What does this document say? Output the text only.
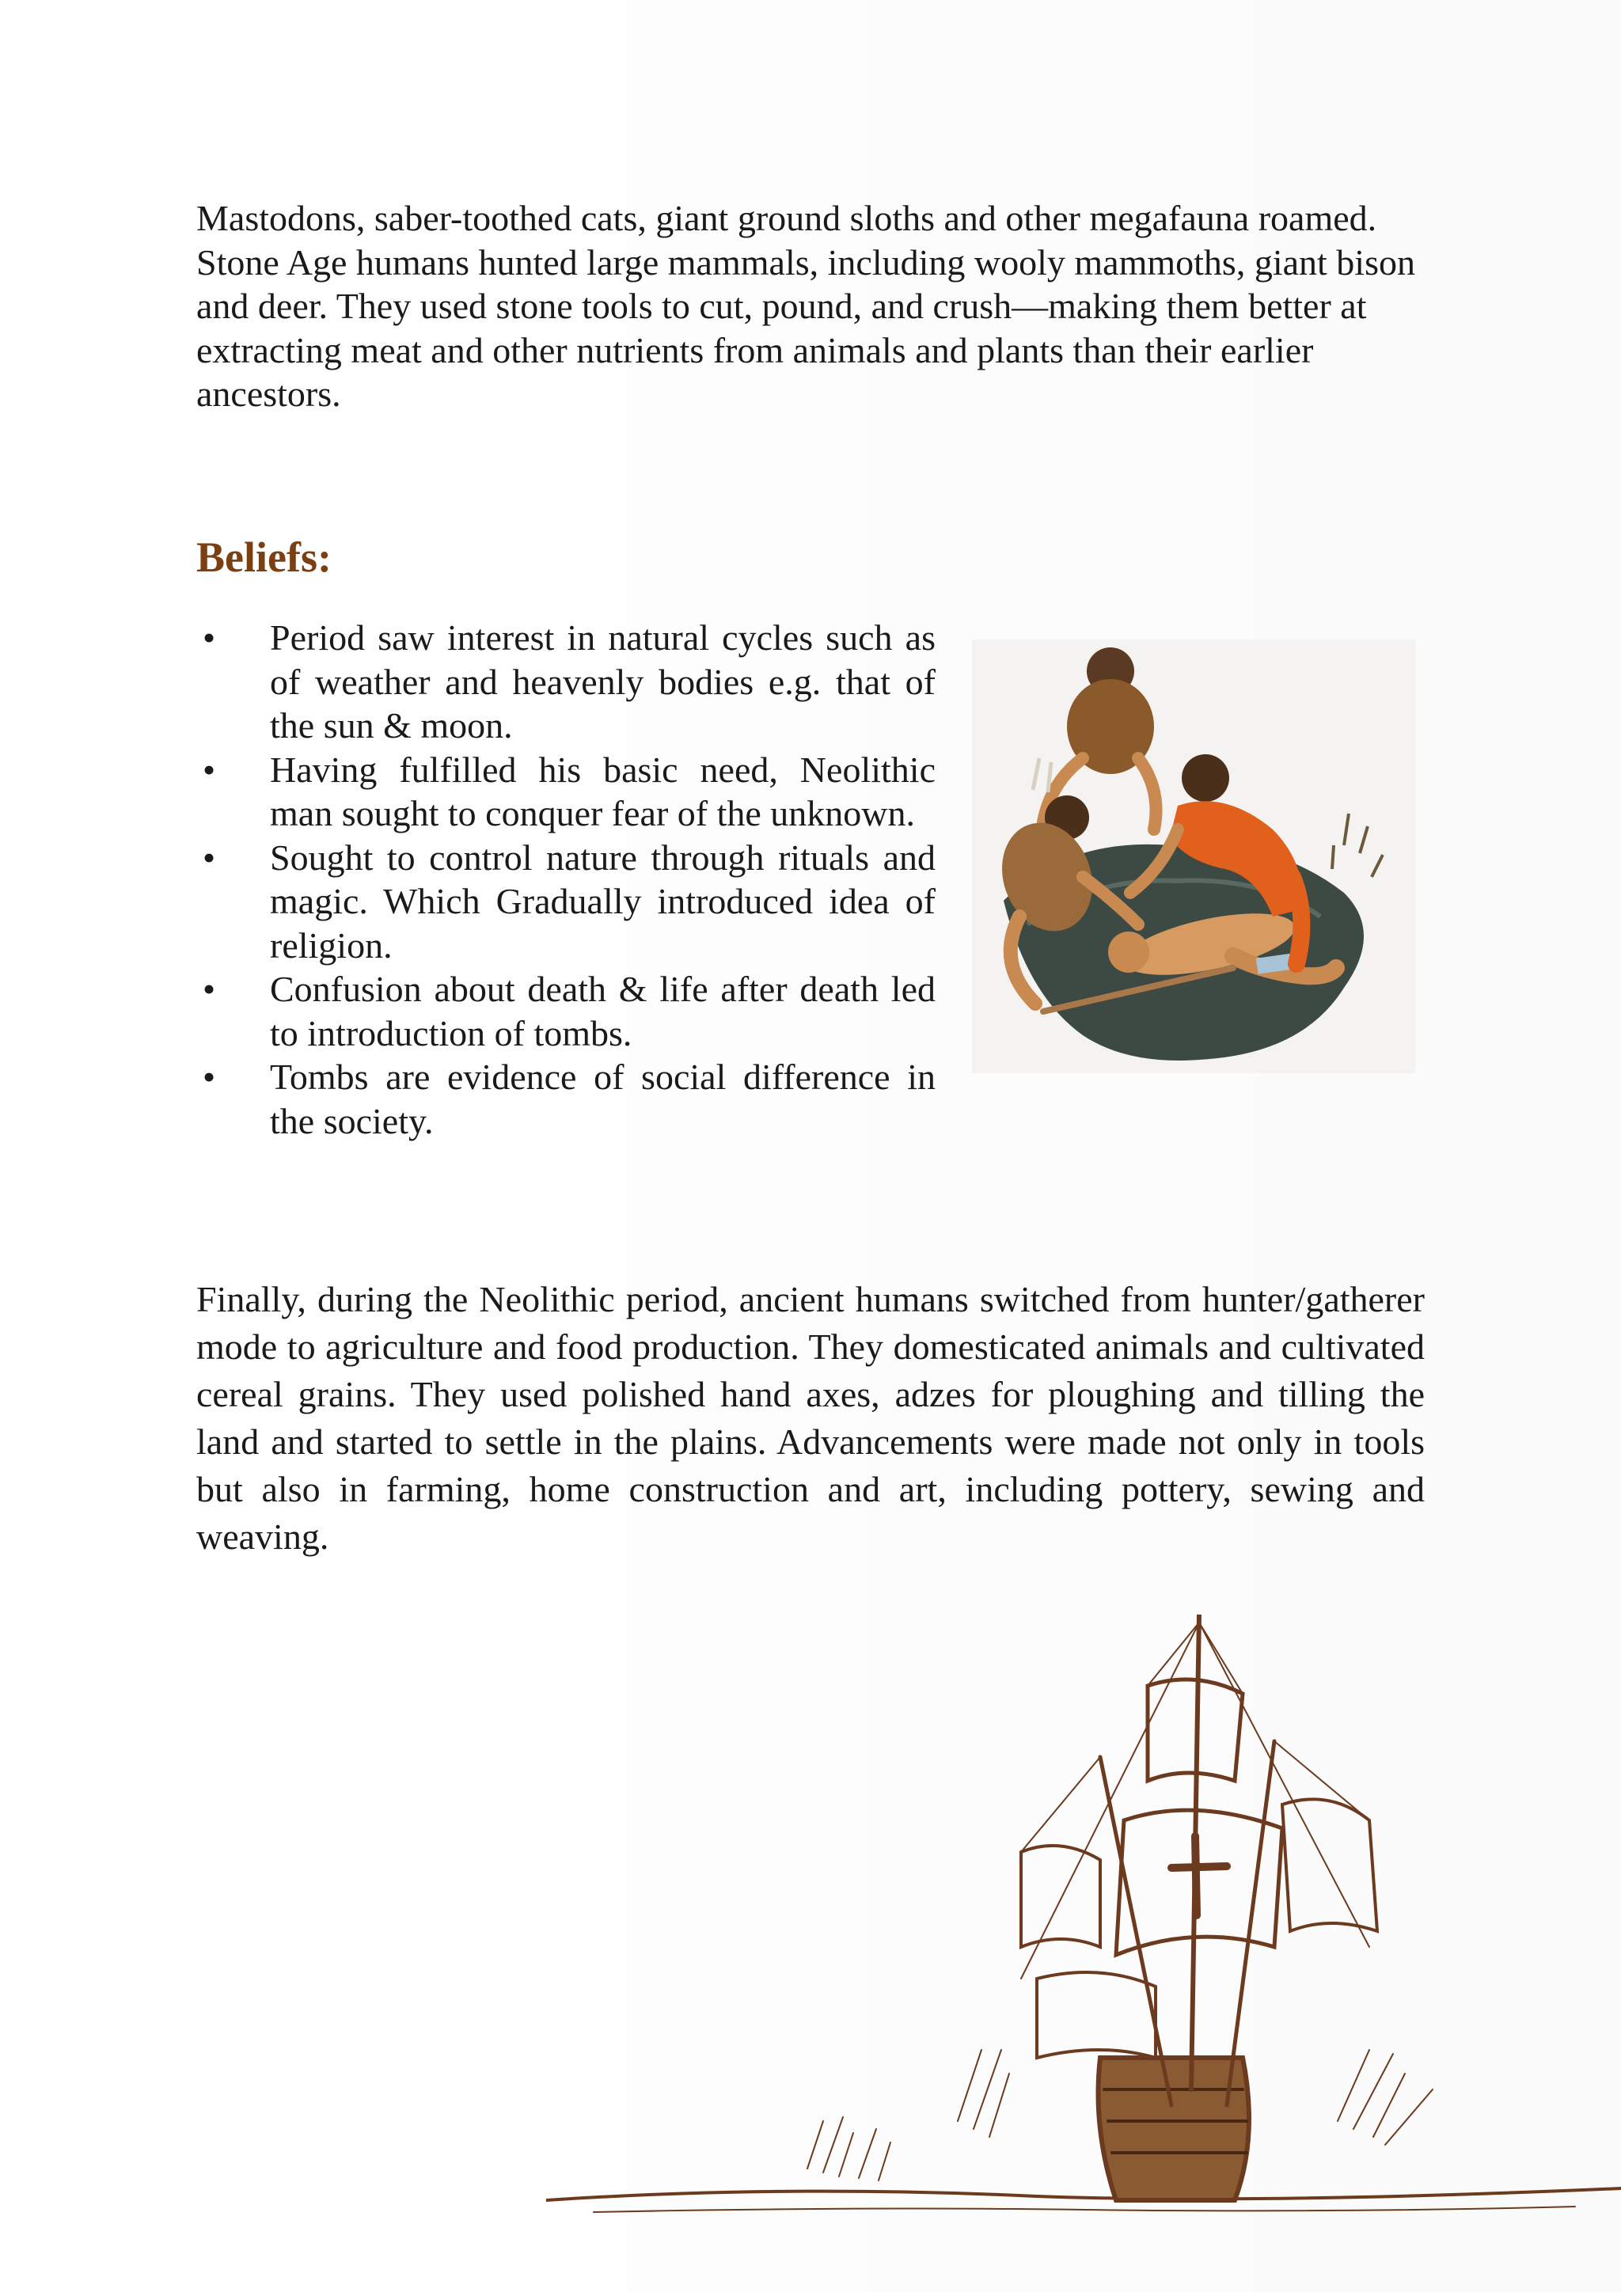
Mastodons, saber-toothed cats, giant ground sloths and other megafauna roamed. Stone Age humans hunted large mammals, including wooly mammoths, giant bison and deer. They used stone tools to cut, pound, and crush—making them better at extracting meat and other nutrients from animals and plants than their earlier ancestors.

Beliefs:
• Period saw interest in natural cycles such as of weather and heavenly bodies e.g. that of the sun & moon.
• Having fulfilled his basic need, Neolithic man sought to conquer fear of the unknown.
• Sought to control nature through rituals and magic. Which Gradually introduced idea of religion.
• Confusion about death & life after death led to introduction of tombs.
• Tombs are evidence of social difference in the society.

Finally, during the Neolithic period, ancient humans switched from hunter/gatherer mode to agriculture and food production. They domesticated animals and cultivated cereal grains. They used polished hand axes, adzes for ploughing and tilling the land and started to settle in the plains. Advancements were made not only in tools but also in farming, home construction and art, including pottery, sewing and weaving.
